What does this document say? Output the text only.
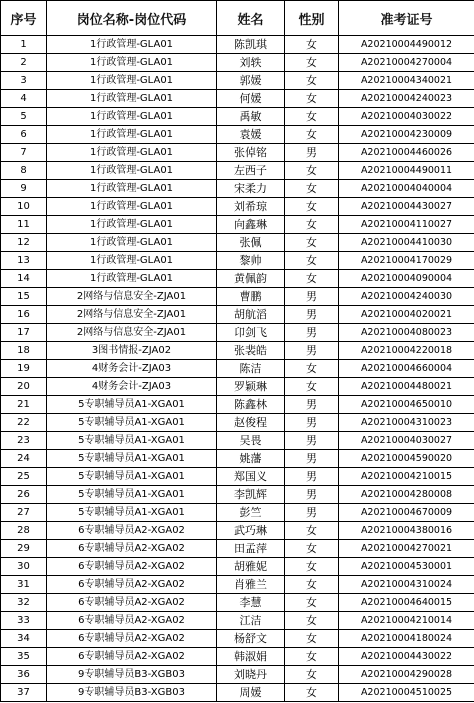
序号	岗位名称-岗位代码	姓名	性别	准考证号
1	1行政管理-GLA01	陈凯琪	女	A20210004490012
2	1行政管理-GLA01	刘轶	女	A20210004270004
3	1行政管理-GLA01	郭媛	女	A20210004340021
4	1行政管理-GLA01	何媛	女	A20210004240023
5	1行政管理-GLA01	禹敏	女	A20210004030022
6	1行政管理-GLA01	袁媛	女	A20210004230009
7	1行政管理-GLA01	张倬铭	男	A20210004460026
8	1行政管理-GLA01	左西子	女	A20210004490011
9	1行政管理-GLA01	宋柔力	女	A20210004040004
10	1行政管理-GLA01	刘希琼	女	A20210004430027
11	1行政管理-GLA01	向鑫琳	女	A20210004110027
12	1行政管理-GLA01	张佩	女	A20210004410030
13	1行政管理-GLA01	黎帅	女	A20210004170029
14	1行政管理-GLA01	黄佩韵	女	A20210004090004
15	2网络与信息安全-ZJA01	曹鹏	男	A20210004240030
16	2网络与信息安全-ZJA01	胡航滔	男	A20210004020021
17	2网络与信息安全-ZJA01	卬剑飞	男	A20210004080023
18	3图书情报-ZJA02	张裴皓	男	A20210004220018
19	4财务会计-ZJA03	陈洁	女	A20210004660004
20	4财务会计-ZJA03	罗颖琳	女	A20210004480021
21	5专职辅导员A1-XGA01	陈鑫林	男	A20210004650010
22	5专职辅导员A1-XGA01	赵俊程	男	A20210004310023
23	5专职辅导员A1-XGA01	吴畏	男	A20210004030027
24	5专职辅导员A1-XGA01	姚藩	男	A20210004590020
25	5专职辅导员A1-XGA01	郑国义	男	A20210004210015
26	5专职辅导员A1-XGA01	李凯辉	男	A20210004280008
27	5专职辅导员A1-XGA01	彭竺	男	A20210004670009
28	6专职辅导员A2-XGA02	武巧琳	女	A20210004380016
29	6专职辅导员A2-XGA02	田孟萍	女	A20210004270021
30	6专职辅导员A2-XGA02	胡雅妮	女	A20210004530001
31	6专职辅导员A2-XGA02	肖雅兰	女	A20210004310024
32	6专职辅导员A2-XGA02	李慧	女	A20210004640015
33	6专职辅导员A2-XGA02	江洁	女	A20210004210014
34	6专职辅导员A2-XGA02	杨舒文	女	A20210004180024
35	6专职辅导员A2-XGA02	韩淑娟	女	A20210004430022
36	9专职辅导员B3-XGB03	刘晓丹	女	A20210004290028
37	9专职辅导员B3-XGB03	周媛	女	A20210004510025
